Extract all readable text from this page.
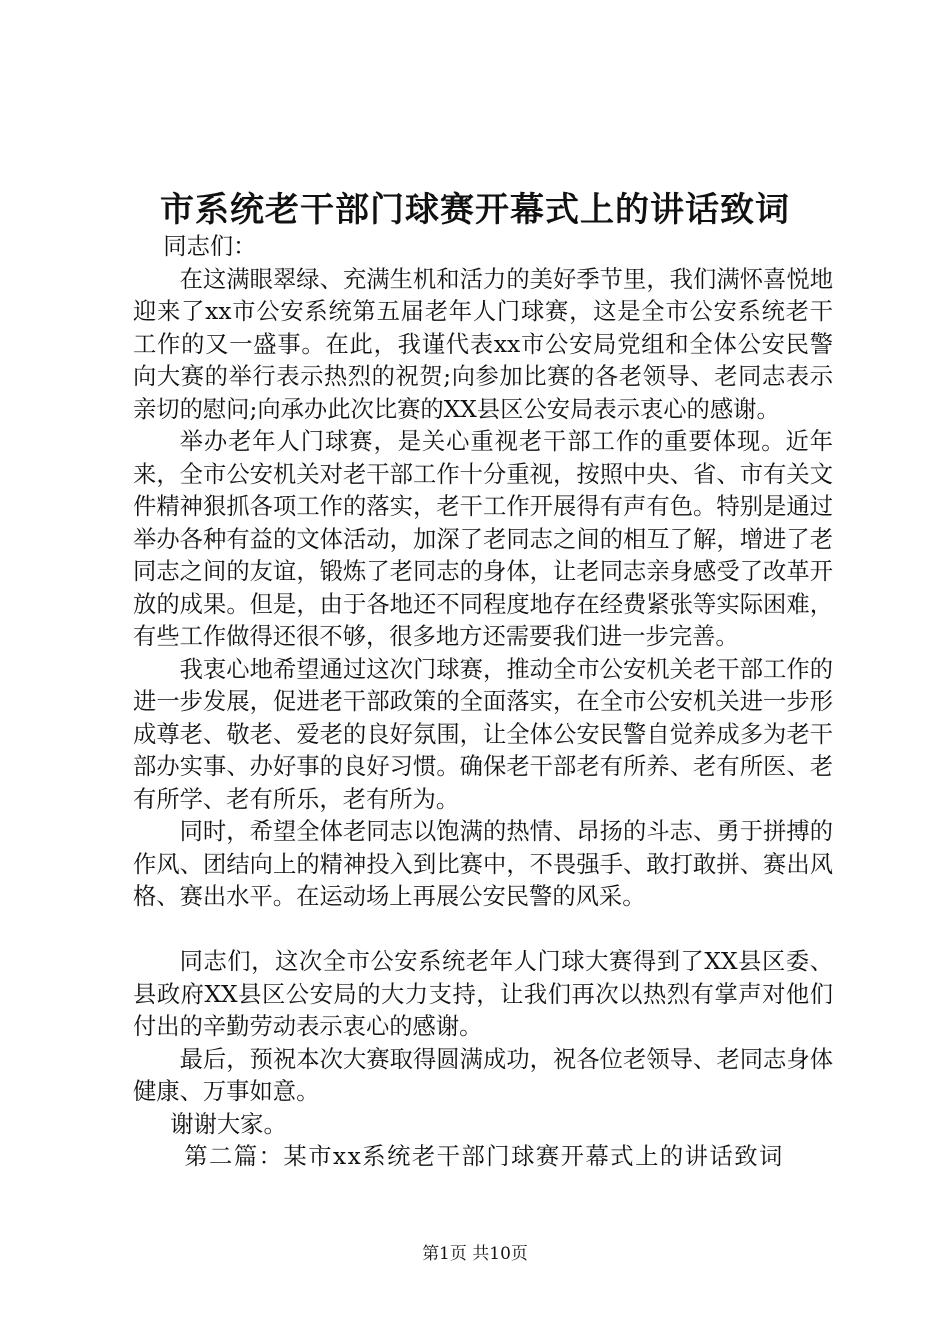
市系统老干部门球赛开幕式上的讲话致词

同志们：

在这满眼翠绿、充满生机和活力的美好季节里，我们满怀喜悦地迎来了xx市公安系统第五届老年人门球赛，这是全市公安系统老干工作的又一盛事。在此，我谨代表xx市公安局党组和全体公安民警向大赛的举行表示热烈的祝贺;向参加比赛的各老领导、老同志表示亲切的慰问;向承办此次比赛的XX县区公安局表示衷心的感谢。

举办老年人门球赛，是关心重视老干部工作的重要体现。近年来，全市公安机关对老干部工作十分重视，按照中央、省、市有关文件精神狠抓各项工作的落实，老干工作开展得有声有色。特别是通过举办各种有益的文体活动，加深了老同志之间的相互了解，增进了老同志之间的友谊，锻炼了老同志的身体，让老同志亲身感受了改革开放的成果。但是，由于各地还不同程度地存在经费紧张等实际困难，有些工作做得还很不够，很多地方还需要我们进一步完善。

我衷心地希望通过这次门球赛，推动全市公安机关老干部工作的进一步发展，促进老干部政策的全面落实，在全市公安机关进一步形成尊老、敬老、爱老的良好氛围，让全体公安民警自觉养成多为老干部办实事、办好事的良好习惯。确保老干部老有所养、老有所医、老有所学、老有所乐，老有所为。

同时，希望全体老同志以饱满的热情、昂扬的斗志、勇于拼搏的作风、团结向上的精神投入到比赛中，不畏强手、敢打敢拼、赛出风格、赛出水平。在运动场上再展公安民警的风采。

同志们，这次全市公安系统老年人门球大赛得到了XX县区委、县政府XX县区公安局的大力支持，让我们再次以热烈有掌声对他们付出的辛勤劳动表示衷心的感谢。

最后，预祝本次大赛取得圆满成功，祝各位老领导、老同志身体健康、万事如意。

谢谢大家。

第二篇：某市xx系统老干部门球赛开幕式上的讲话致词

第1页 共10页
